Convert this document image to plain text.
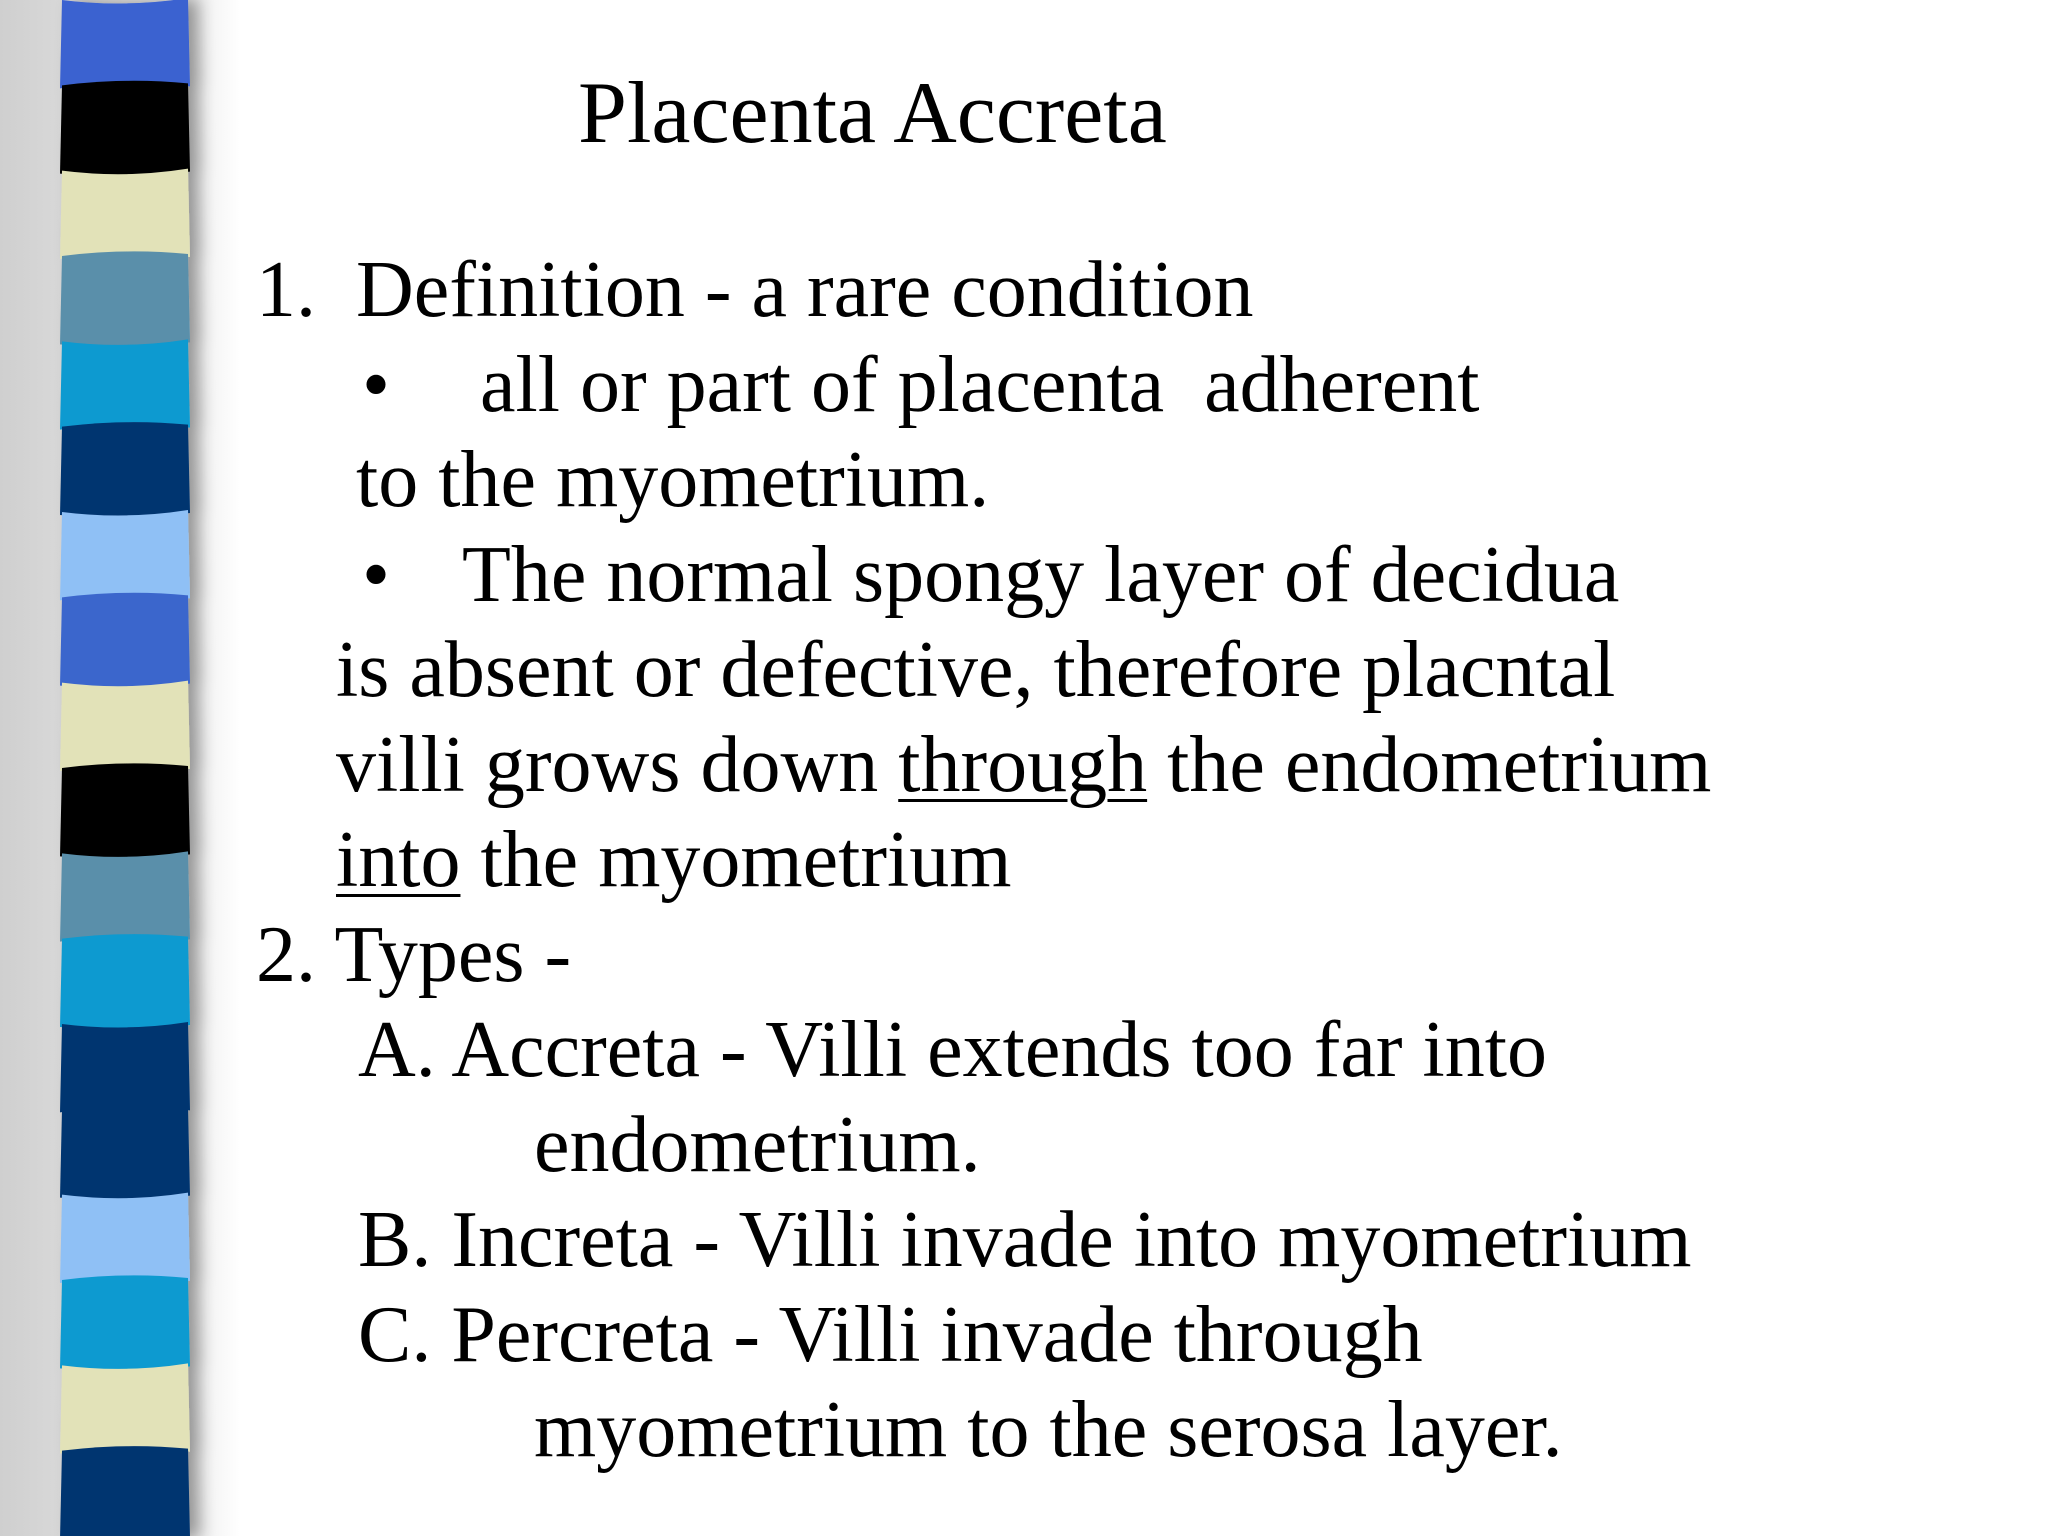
Placenta Accreta
1. Definition - a rare condition
• all or part of placenta  adherent
to the myometrium.
• The normal spongy layer of decidua
is absent or defective, therefore placntal
villi grows down through the endometrium
into the myometrium
2. Types -
A. Accreta - Villi extends too far into
endometrium.
B. Increta - Villi invade into myometrium
C. Percreta - Villi invade through
myometrium to the serosa layer.
